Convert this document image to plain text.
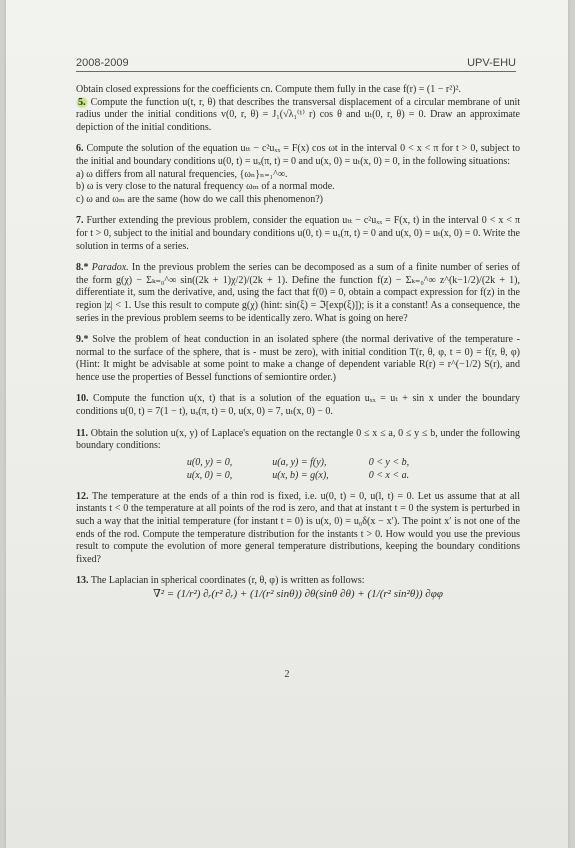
2008-2009	UPV-EHU

Obtain closed expressions for the coefficients cn. Compute them fully in the case f(r) = (1 − r²)².

5. Compute the function u(t, r, θ) that describes the transversal displacement of a circular membrane of unit radius under the initial conditions v(0, r, θ) = J₁(√λ₁⁽¹⁾ r) cos θ and uₜ(0, r, θ) = 0. Draw an approximate depiction of the initial conditions.

6. Compute the solution of the equation uₜₜ − c²uₓₓ = F(x) cos ωt in the interval 0 < x < π for t > 0, subject to the initial and boundary conditions u(0, t) = uₓ(π, t) = 0 and u(x, 0) = uₜ(x, 0) = 0, in the following situations:

a) ω differs from all natural frequencies, {ωₙ}ₙ₌₁^∞.

b) ω is very close to the natural frequency ωₘ of a normal mode.

c) ω and ωₘ are the same (how do we call this phenomenon?)

7. Further extending the previous problem, consider the equation uₜₜ − c²uₓₓ = F(x, t) in the interval 0 < x < π for t > 0, subject to the initial and boundary conditions u(0, t) = uₓ(π, t) = 0 and u(x, 0) = uₜ(x, 0) = 0. Write the solution in terms of a series.

8.* Paradox. In the previous problem the series can be decomposed as a sum of a finite number of series of the form g(χ) − Σₖ₌₀^∞ sin((2k + 1)χ/2)/(2k + 1). Define the function f(z) − Σₖ₌₀^∞ z^(k−1/2)/(2k + 1), differentiate it, sum the derivative, and, using the fact that f(0) = 0, obtain a compact expression for f(z) in the region |z| < 1. Use this result to compute g(χ) (hint: sin(ξ) = ℑ[exp(ξ)]); is it a constant! As a consequence, the series in the previous problem seems to be identically zero. What is going on here?

9.* Solve the problem of heat conduction in an isolated sphere (the normal derivative of the temperature - normal to the surface of the sphere, that is - must be zero), with initial condition T(r, θ, φ, t = 0) = f(r, θ, φ) (Hint: It might be advisable at some point to make a change of dependent variable R(r) = r^(−1/2) S(r), and hence use the properties of Bessel functions of semiontire order.)

10. Compute the function u(x, t) that is a solution of the equation uₓₓ = uₜ + sin x under the boundary conditions u(0, t) = 7(1 − t), uₓ(π, t) = 0, u(x, 0) = 7, uₜ(x, 0) − 0.

11. Obtain the solution u(x, y) of Laplace's equation on the rectangle 0 ≤ x ≤ a, 0 ≤ y ≤ b, under the following boundary conditions:

u(0, y) = 0,
u(x, 0) = 0,
u(a, y) = f(y),
u(x, b) = g(x),
0 < y < b,
0 < x < a.

12. The temperature at the ends of a thin rod is fixed, i.e. u(0, t) = 0, u(l, t) = 0. Let us assume that at all instants t < 0 the temperature at all points of the rod is zero, and that at instant t = 0 the system is perturbed in such a way that the initial temperature (for instant t = 0) is u(x, 0) = u₀δ(x − x′). The point x′ is not one of the ends of the rod. Compute the temperature distribution for the instants t > 0. How would you use the previous result to compute the evolution of more general temperature distributions, keeping the boundary conditions fixed?

13. The Laplacian in spherical coordinates (r, θ, φ) is written as follows:

∇² = (1/r²) ∂ᵣ(r² ∂ᵣ) + (1/(r² sinθ)) ∂θ(sinθ ∂θ) + (1/(r² sin²θ)) ∂φφ

2
